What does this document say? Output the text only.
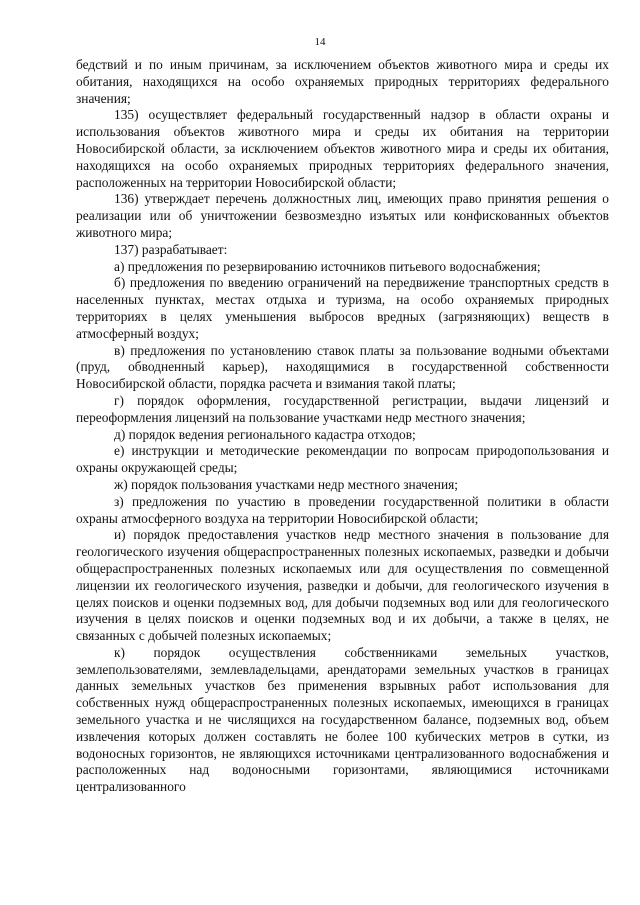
14

бедствий и по иным причинам, за исключением объектов животного мира и среды их обитания, находящихся на особо охраняемых природных территориях федерального значения;

135) осуществляет федеральный государственный надзор в области охраны и использования объектов животного мира и среды их обитания на территории Новосибирской области, за исключением объектов животного мира и среды их обитания, находящихся на особо охраняемых природных территориях федерального значения, расположенных на территории Новосибирской области;

136) утверждает перечень должностных лиц, имеющих право принятия решения о реализации или об уничтожении безвозмездно изъятых или конфискованных объектов животного мира;

137) разрабатывает:

а) предложения по резервированию источников питьевого водоснабжения;

б) предложения по введению ограничений на передвижение транспортных средств в населенных пунктах, местах отдыха и туризма, на особо охраняемых природных территориях в целях уменьшения выбросов вредных (загрязняющих) веществ в атмосферный воздух;

в) предложения по установлению ставок платы за пользование водными объектами (пруд, обводненный карьер), находящимися в государственной собственности Новосибирской области, порядка расчета и взимания такой платы;

г) порядок оформления, государственной регистрации, выдачи лицензий и переоформления лицензий на пользование участками недр местного значения;

д) порядок ведения регионального кадастра отходов;

е) инструкции и методические рекомендации по вопросам природопользования и охраны окружающей среды;

ж) порядок пользования участками недр местного значения;

з) предложения по участию в проведении государственной политики в области охраны атмосферного воздуха на территории Новосибирской области;

и) порядок предоставления участков недр местного значения в пользование для геологического изучения общераспространенных полезных ископаемых, разведки и добычи общераспространенных полезных ископаемых или для осуществления по совмещенной лицензии их геологического изучения, разведки и добычи, для геологического изучения в целях поисков и оценки подземных вод, для добычи подземных вод или для геологического изучения в целях поисков и оценки подземных вод и их добычи, а также в целях, не связанных с добычей полезных ископаемых;

к) порядок осуществления собственниками земельных участков, землепользователями, землевладельцами, арендаторами земельных участков в границах данных земельных участков без применения взрывных работ использования для собственных нужд общераспространенных полезных ископаемых, имеющихся в границах земельного участка и не числящихся на государственном балансе, подземных вод, объем извлечения которых должен составлять не более 100 кубических метров в сутки, из водоносных горизонтов, не являющихся источниками централизованного водоснабжения и расположенных над водоносными горизонтами, являющимися источниками централизованного
